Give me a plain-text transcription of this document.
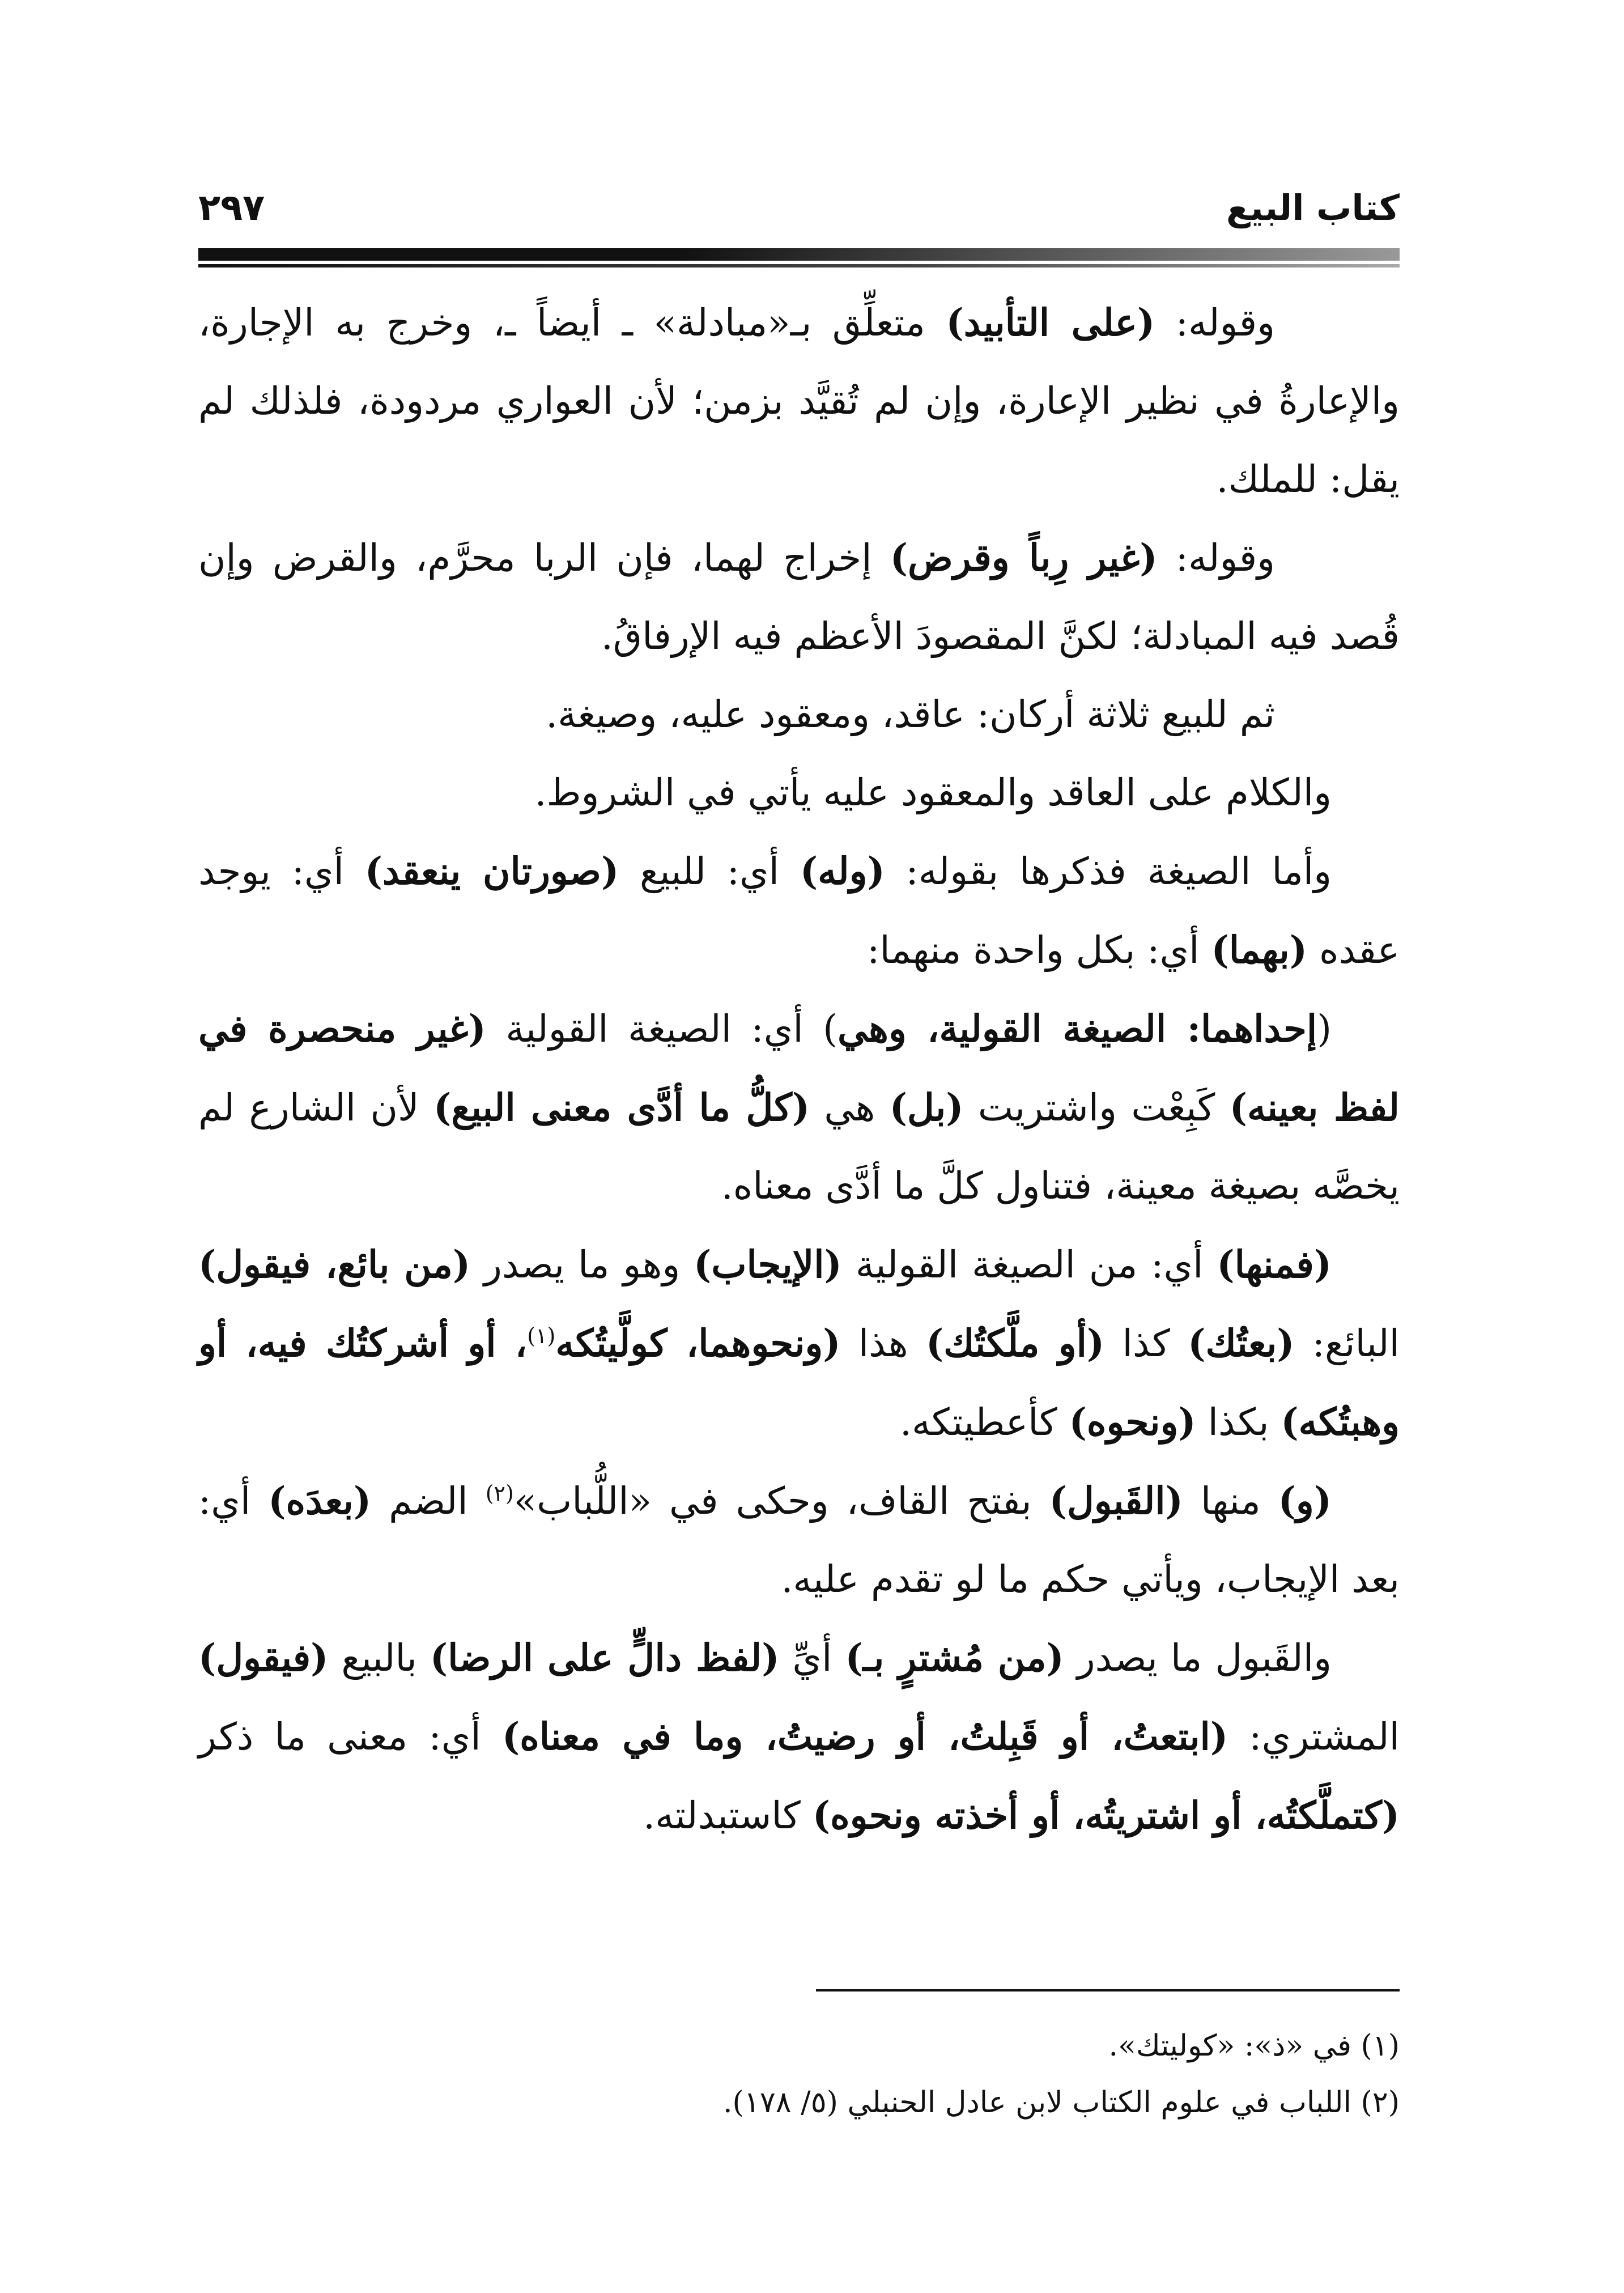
٢٩٧	كتاب البيع

وقوله: (على التأبيد) متعلِّق بـ«مبادلة» ـ أيضاً ـ، وخرج به الإجارة، والإعارةُ في نظير الإعارة، وإن لم تُقيَّد بزمن؛ لأن العواري مردودة، فلذلك لم يقل: للملك.

وقوله: (غير رِباً وقرض) إخراج لهما، فإن الربا محرَّم، والقرض وإن قُصد فيه المبادلة؛ لكنَّ المقصودَ الأعظم فيه الإرفاقُ.

ثم للبيع ثلاثة أركان: عاقد، ومعقود عليه، وصيغة.

والكلام على العاقد والمعقود عليه يأتي في الشروط.

وأما الصيغة فذكرها بقوله: (وله) أي: للبيع (صورتان ينعقد) أي: يوجد عقده (بهما) أي: بكل واحدة منهما:

(إحداهما: الصيغة القولية، وهي) أي: الصيغة القولية (غير منحصرة في لفظ بعينه) كَبِعْت واشتريت (بل) هي (كلُّ ما أدَّى معنى البيع) لأن الشارع لم يخصَّه بصيغة معينة، فتناول كلَّ ما أدَّى معناه.

(فمنها) أي: من الصيغة القولية (الإيجاب) وهو ما يصدر (من بائع، فيقول) البائع: (بعتُك) كذا (أو ملَّكتُك) هذا (ونحوهما، كولَّيتُكه$^{(١)}$، أو أشركتُك فيه، أو وهبتُكه) بكذا (ونحوه) كأعطيتكه.

(و) منها (القَبول) بفتح القاف، وحكى في «اللُّباب»$^{(٢)}$ الضم (بعدَه) أي: بعد الإيجاب، ويأتي حكم ما لو تقدم عليه.

والقَبول ما يصدر (من مُشترٍ بـ) أيِّ (لفظ دالٍّ على الرضا) بالبيع (فيقول) المشتري: (ابتعتُ، أو قَبِلتُ، أو رضيتُ، وما في معناه) أي: معنى ما ذكر (كتملَّكتُه، أو اشتريتُه، أو أخذته ونحوه) كاستبدلته.

(١) في «ذ»: «كوليتك».

(٢) اللباب في علوم الكتاب لابن عادل الحنبلي (٥/ ١٧٨).
